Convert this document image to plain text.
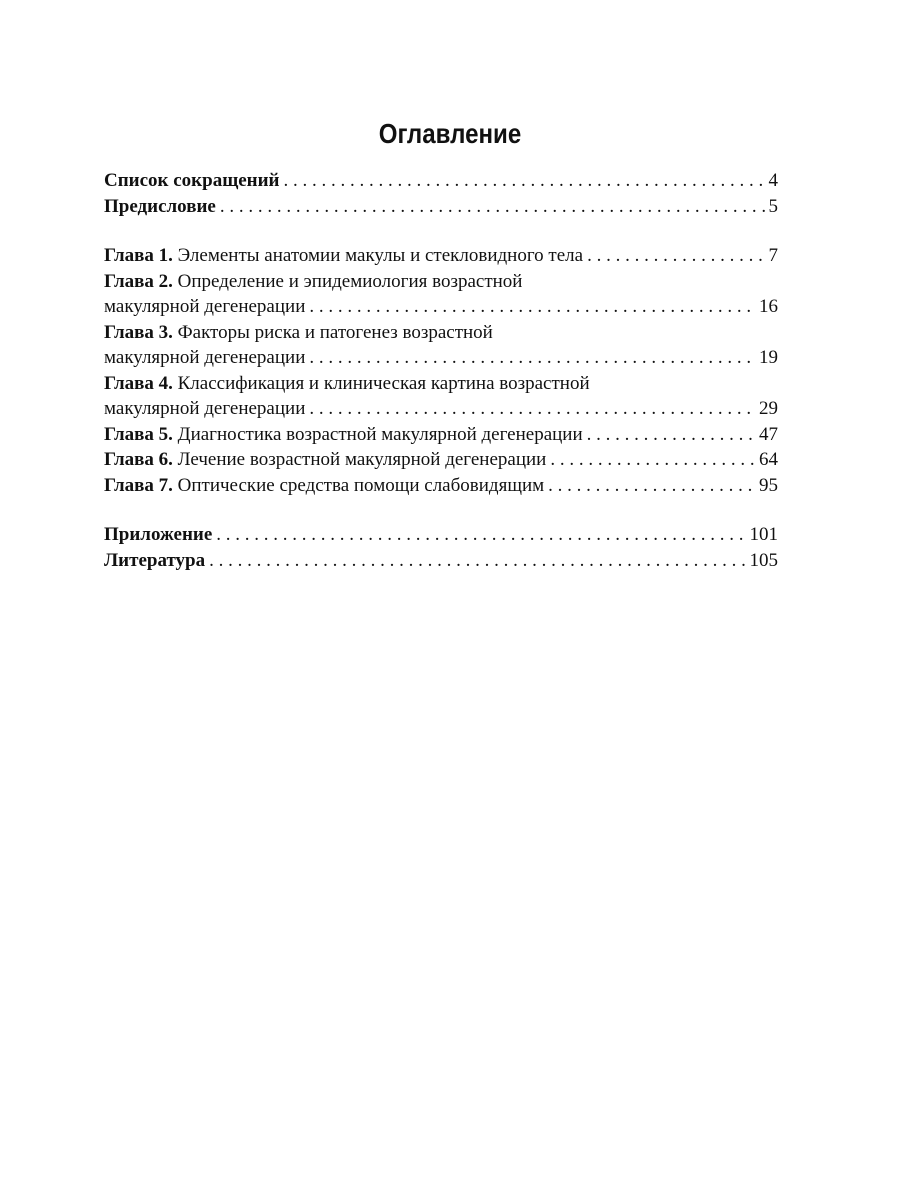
Оглавление
Список сокращений . . .	4
Предисловие . . .	5
Глава 1. Элементы анатомии макулы и стекловидного тела . . .	7
Глава 2. Определение и эпидемиология возрастной
макулярной дегенерации . . .	16
Глава 3. Факторы риска и патогенез возрастной
макулярной дегенерации . . .	19
Глава 4. Классификация и клиническая картина возрастной
макулярной дегенерации . . .	29
Глава 5. Диагностика возрастной макулярной дегенерации . . .	47
Глава 6. Лечение возрастной макулярной дегенерации . . .	64
Глава 7. Оптические средства помощи слабовидящим . . .	95
Приложение . . .	101
Литература . . .	105
